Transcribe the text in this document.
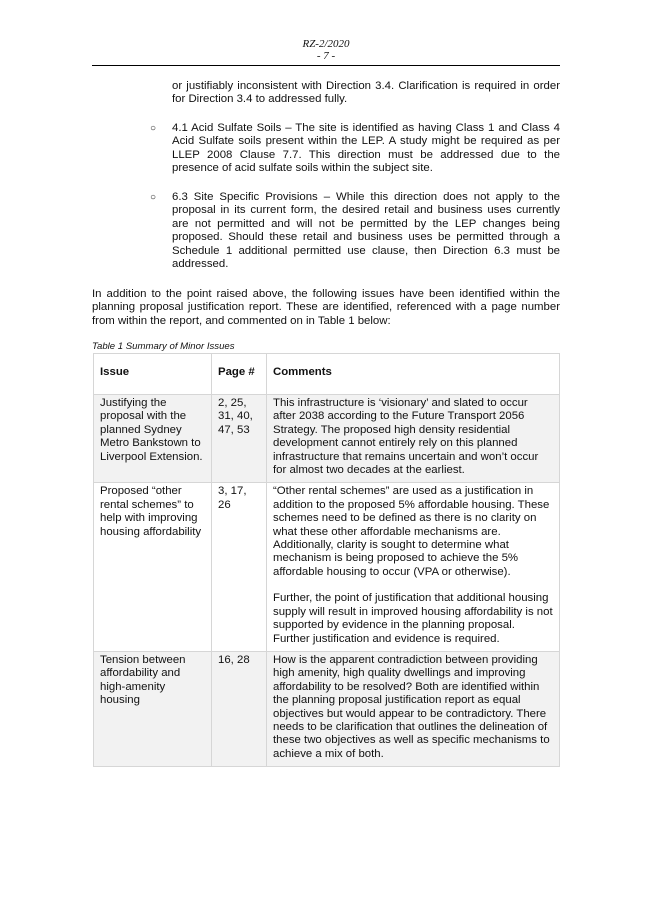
RZ-2/2020
- 7 -

or justifiably inconsistent with Direction 3.4. Clarification is required in order for Direction 3.4 to addressed fully.

○	4.1 Acid Sulfate Soils – The site is identified as having Class 1 and Class 4 Acid Sulfate soils present within the LEP. A study might be required as per LLEP 2008 Clause 7.7. This direction must be addressed due to the presence of acid sulfate soils within the subject site.

○	6.3 Site Specific Provisions – While this direction does not apply to the proposal in its current form, the desired retail and business uses currently are not permitted and will not be permitted by the LEP changes being proposed. Should these retail and business uses be permitted through a Schedule 1 additional permitted use clause, then Direction 6.3 must be addressed.

In addition to the point raised above, the following issues have been identified within the planning proposal justification report. These are identified, referenced with a page number from within the report, and commented on in Table 1 below:

Table 1 Summary of Minor Issues
Issue	Page #	Comments
Justifying the proposal with the planned Sydney Metro Bankstown to Liverpool Extension.	2, 25, 31, 40, 47, 53	This infrastructure is ‘visionary’ and slated to occur after 2038 according to the Future Transport 2056 Strategy. The proposed high density residential development cannot entirely rely on this planned infrastructure that remains uncertain and won’t occur for almost two decades at the earliest.

Proposed “other rental schemes” to help with improving housing affordability	3, 17, 26	“Other rental schemes” are used as a justification in addition to the proposed 5% affordable housing. These schemes need to be defined as there is no clarity on what these other affordable mechanisms are. Additionally, clarity is sought to determine what mechanism is being proposed to achieve the 5% affordable housing to occur (VPA or otherwise).
Further, the point of justification that additional housing supply will result in improved housing affordability is not supported by evidence in the planning proposal. Further justification and evidence is required.

Tension between affordability and high-amenity housing	16, 28	How is the apparent contradiction between providing high amenity, high quality dwellings and improving affordability to be resolved? Both are identified within the planning proposal justification report as equal objectives but would appear to be contradictory. There needs to be clarification that outlines the delineation of these two objectives as well as specific mechanisms to achieve a mix of both.
